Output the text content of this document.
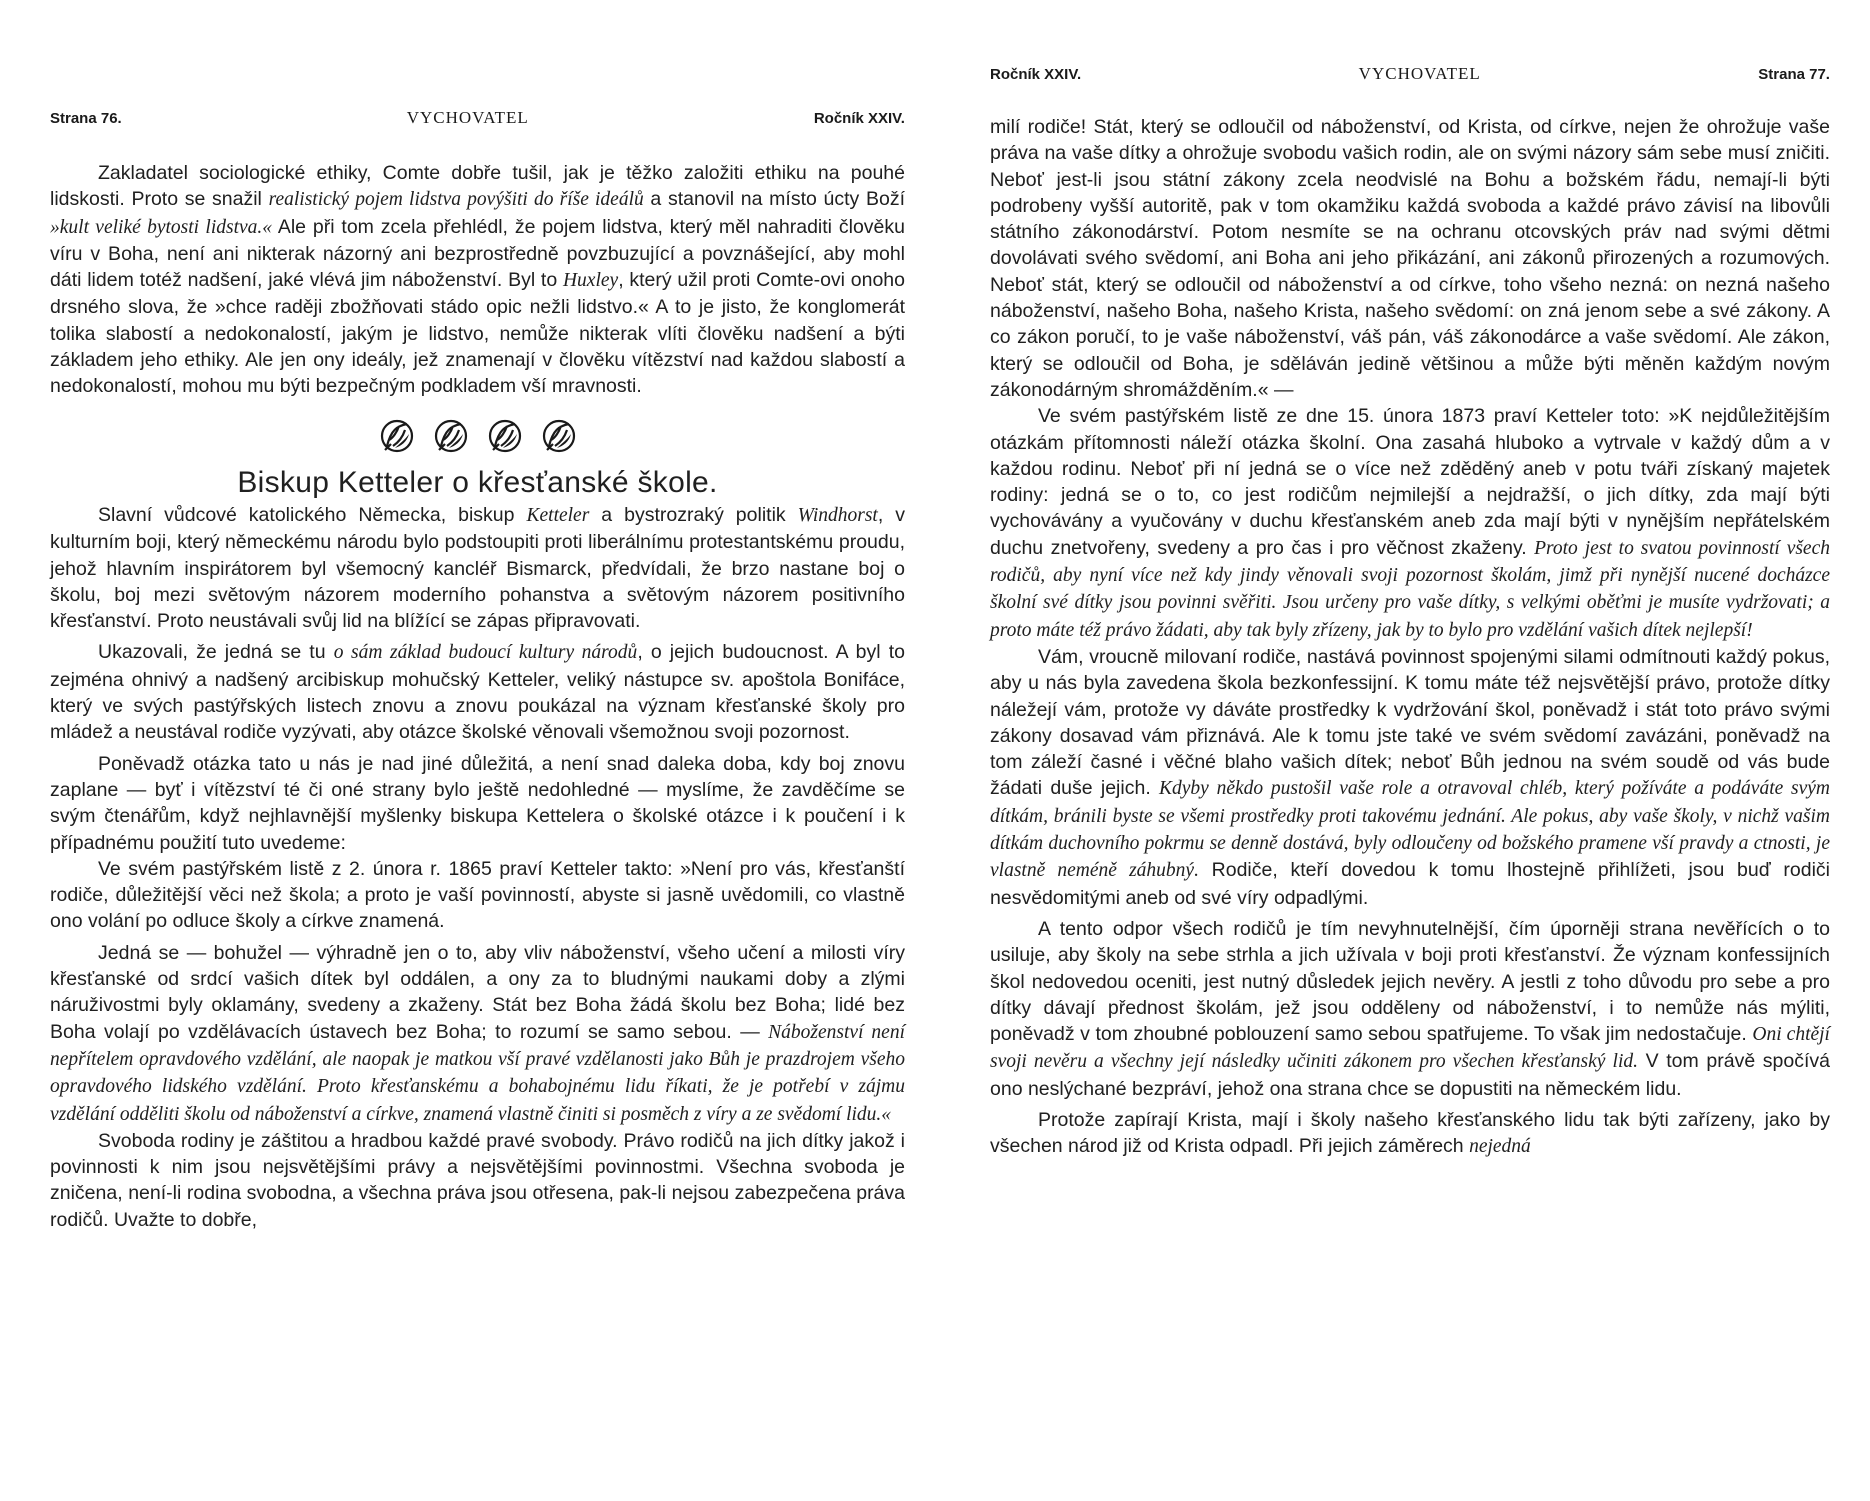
Strana 76.	VYCHOVATEL	Ročník XXIV.

Zakladatel sociologické ethiky, Comte dobře tušil, jak je těžko založiti ethiku na pouhé lidskosti. Proto se snažil realistický pojem lidstva povýšiti do říše ideálů a stanovil na místo úcty Boží »kult veliké bytosti lidstva.« Ale při tom zcela přehlédl, že pojem lidstva, který měl nahraditi člověku víru v Boha, není ani nikterak názorný ani bezprostředně povzbuzující a povznášející, aby mohl dáti lidem totéž nadšení, jaké vlévá jim náboženství. Byl to Huxley, který užil proti Comte-ovi onoho drsného slova, že »chce raději zbožňovati stádo opic nežli lidstvo.« A to je jisto, že konglomerát tolika slabostí a nedokonalostí, jakým je lidstvo, nemůže nikterak vlíti člověku nadšení a býti základem jeho ethiky. Ale jen ony ideály, jež znamenají v člověku vítězství nad každou slabostí a nedokonalostí, mohou mu býti bezpečným podkladem vší mravnosti.

Biskup Ketteler o křesťanské škole.

Slavní vůdcové katolického Německa, biskup Ketteler a bystrozraký politik Windhorst, v kulturním boji, který německému národu bylo podstoupiti proti liberálnímu protestantskému proudu, jehož hlavním inspirátorem byl všemocný kancléř Bismarck, předvídali, že brzo nastane boj o školu, boj mezi světovým názorem moderního pohanstva a světovým názorem positivního křesťanství. Proto neustávali svůj lid na blížící se zápas připravovati.

Ukazovali, že jedná se tu o sám základ budoucí kultury národů, o jejich budoucnost. A byl to zejména ohnivý a nadšený arcibiskup mohučský Ketteler, veliký nástupce sv. apoštola Bonifáce, který ve svých pastýřských listech znovu a znovu poukázal na význam křesťanské školy pro mládež a neustával rodiče vyzývati, aby otázce školské věnovali všemožnou svoji pozornost.

Poněvadž otázka tato u nás je nad jiné důležitá, a není snad daleka doba, kdy boj znovu zaplane — byť i vítězství té či oné strany bylo ještě nedohledné — myslíme, že zavděčíme se svým čtenářům, když nejhlavnější myšlenky biskupa Kettelera o školské otázce i k poučení i k případnému použití tuto uvedeme:

Ve svém pastýřském listě z 2. února r. 1865 praví Ketteler takto: »Není pro vás, křesťanští rodiče, důležitější věci než škola; a proto je vaší povinností, abyste si jasně uvědomili, co vlastně ono volání po odluce školy a církve znamená.

Jedná se — bohužel — výhradně jen o to, aby vliv náboženství, všeho učení a milosti víry křesťanské od srdcí vašich dítek byl oddálen, a ony za to bludnými naukami doby a zlými náruživostmi byly oklamány, svedeny a zkaženy. Stát bez Boha žádá školu bez Boha; lidé bez Boha volají po vzdělávacích ústavech bez Boha; to rozumí se samo sebou. — Náboženství není nepřítelem opravdového vzdělání, ale naopak je matkou vší pravé vzdělanosti jako Bůh je prazdrojem všeho opravdového lidského vzdělání. Proto křesťanskému a bohabojnému lidu říkati, že je potřebí v zájmu vzdělání odděliti školu od náboženství a církve, znamená vlastně činiti si posměch z víry a ze svědomí lidu.«

Svoboda rodiny je záštitou a hradbou každé pravé svobody. Právo rodičů na jich dítky jakož i povinnosti k nim jsou nejsvětějšími právy a nejsvětějšími povinnostmi. Všechna svoboda je zničena, není-li rodina svobodna, a všechna práva jsou otřesena, pak-li nejsou zabezpečena práva rodičů. Uvažte to dobře,

Ročník XXIV.	VYCHOVATEL	Strana 77.

milí rodiče! Stát, který se odloučil od náboženství, od Krista, od církve, nejen že ohrožuje vaše práva na vaše dítky a ohrožuje svobodu vašich rodin, ale on svými názory sám sebe musí zničiti. Neboť jest-li jsou státní zákony zcela neodvislé na Bohu a božském řádu, nemají-li býti podrobeny vyšší autoritě, pak v tom okamžiku každá svoboda a každé právo závisí na libovůli státního zákonodárství. Potom nesmíte se na ochranu otcovských práv nad svými dětmi dovolávati svého svědomí, ani Boha ani jeho přikázání, ani zákonů přirozených a rozumových. Neboť stát, který se odloučil od náboženství a od církve, toho všeho nezná: on nezná našeho náboženství, našeho Boha, našeho Krista, našeho svědomí: on zná jenom sebe a své zákony. A co zákon poručí, to je vaše náboženství, váš pán, váš zákonodárce a vaše svědomí. Ale zákon, který se odloučil od Boha, je sděláván jedině většinou a může býti měněn každým novým zákonodárným shromážděním.« —

Ve svém pastýřském listě ze dne 15. února 1873 praví Ketteler toto: »K nejdůležitějším otázkám přítomnosti náleží otázka školní. Ona zasahá hluboko a vytrvale v každý dům a v každou rodinu. Neboť při ní jedná se o více než zděděný aneb v potu tváři získaný majetek rodiny: jedná se o to, co jest rodičům nejmilejší a nejdražší, o jich dítky, zda mají býti vychovávány a vyučovány v duchu křesťanském aneb zda mají býti v nynějším nepřátelském duchu znetvořeny, svedeny a pro čas i pro věčnost zkaženy. Proto jest to svatou povinností všech rodičů, aby nyní více než kdy jindy věnovali svoji pozornost školám, jimž při nynější nucené docházce školní své dítky jsou povinni svěřiti. Jsou určeny pro vaše dítky, s velkými oběťmi je musíte vydržovati; a proto máte též právo žádati, aby tak byly zřízeny, jak by to bylo pro vzdělání vašich dítek nejlepší!

Vám, vroucně milovaní rodiče, nastává povinnost spojenými silami odmítnouti každý pokus, aby u nás byla zavedena škola bezkonfessijní. K tomu máte též nejsvětější právo, protože dítky náležejí vám, protože vy dáváte prostředky k vydržování škol, poněvadž i stát toto právo svými zákony dosavad vám přiznává. Ale k tomu jste také ve svém svědomí zavázáni, poněvadž na tom záleží časné i věčné blaho vašich dítek; neboť Bůh jednou na svém soudě od vás bude žádati duše jejich. Kdyby někdo pustošil vaše role a otravoval chléb, který požíváte a podáváte svým dítkám, bránili byste se všemi prostředky proti takovému jednání. Ale pokus, aby vaše školy, v nichž vašim dítkám duchovního pokrmu se denně dostává, byly odloučeny od božského pramene vší pravdy a ctnosti, je vlastně neméně záhubný. Rodiče, kteří dovedou k tomu lhostejně přihlížeti, jsou buď rodiči nesvědomitými aneb od své víry odpadlými.

A tento odpor všech rodičů je tím nevyhnutelnější, čím úporněji strana nevěřících o to usiluje, aby školy na sebe strhla a jich užívala v boji proti křesťanství. Že význam konfessijních škol nedovedou oceniti, jest nutný důsledek jejich nevěry. A jestli z toho důvodu pro sebe a pro dítky dávají přednost školám, jež jsou odděleny od náboženství, i to nemůže nás mýliti, poněvadž v tom zhoubné poblouzení samo sebou spatřujeme. To však jim nedostačuje. Oni chtějí svoji nevěru a všechny její následky učiniti zákonem pro všechen křesťanský lid. V tom právě spočívá ono neslýchané bezpráví, jehož ona strana chce se dopustiti na německém lidu.

Protože zapírají Krista, mají i školy našeho křesťanského lidu tak býti zařízeny, jako by všechen národ již od Krista odpadl. Při jejich záměrech nejedná
